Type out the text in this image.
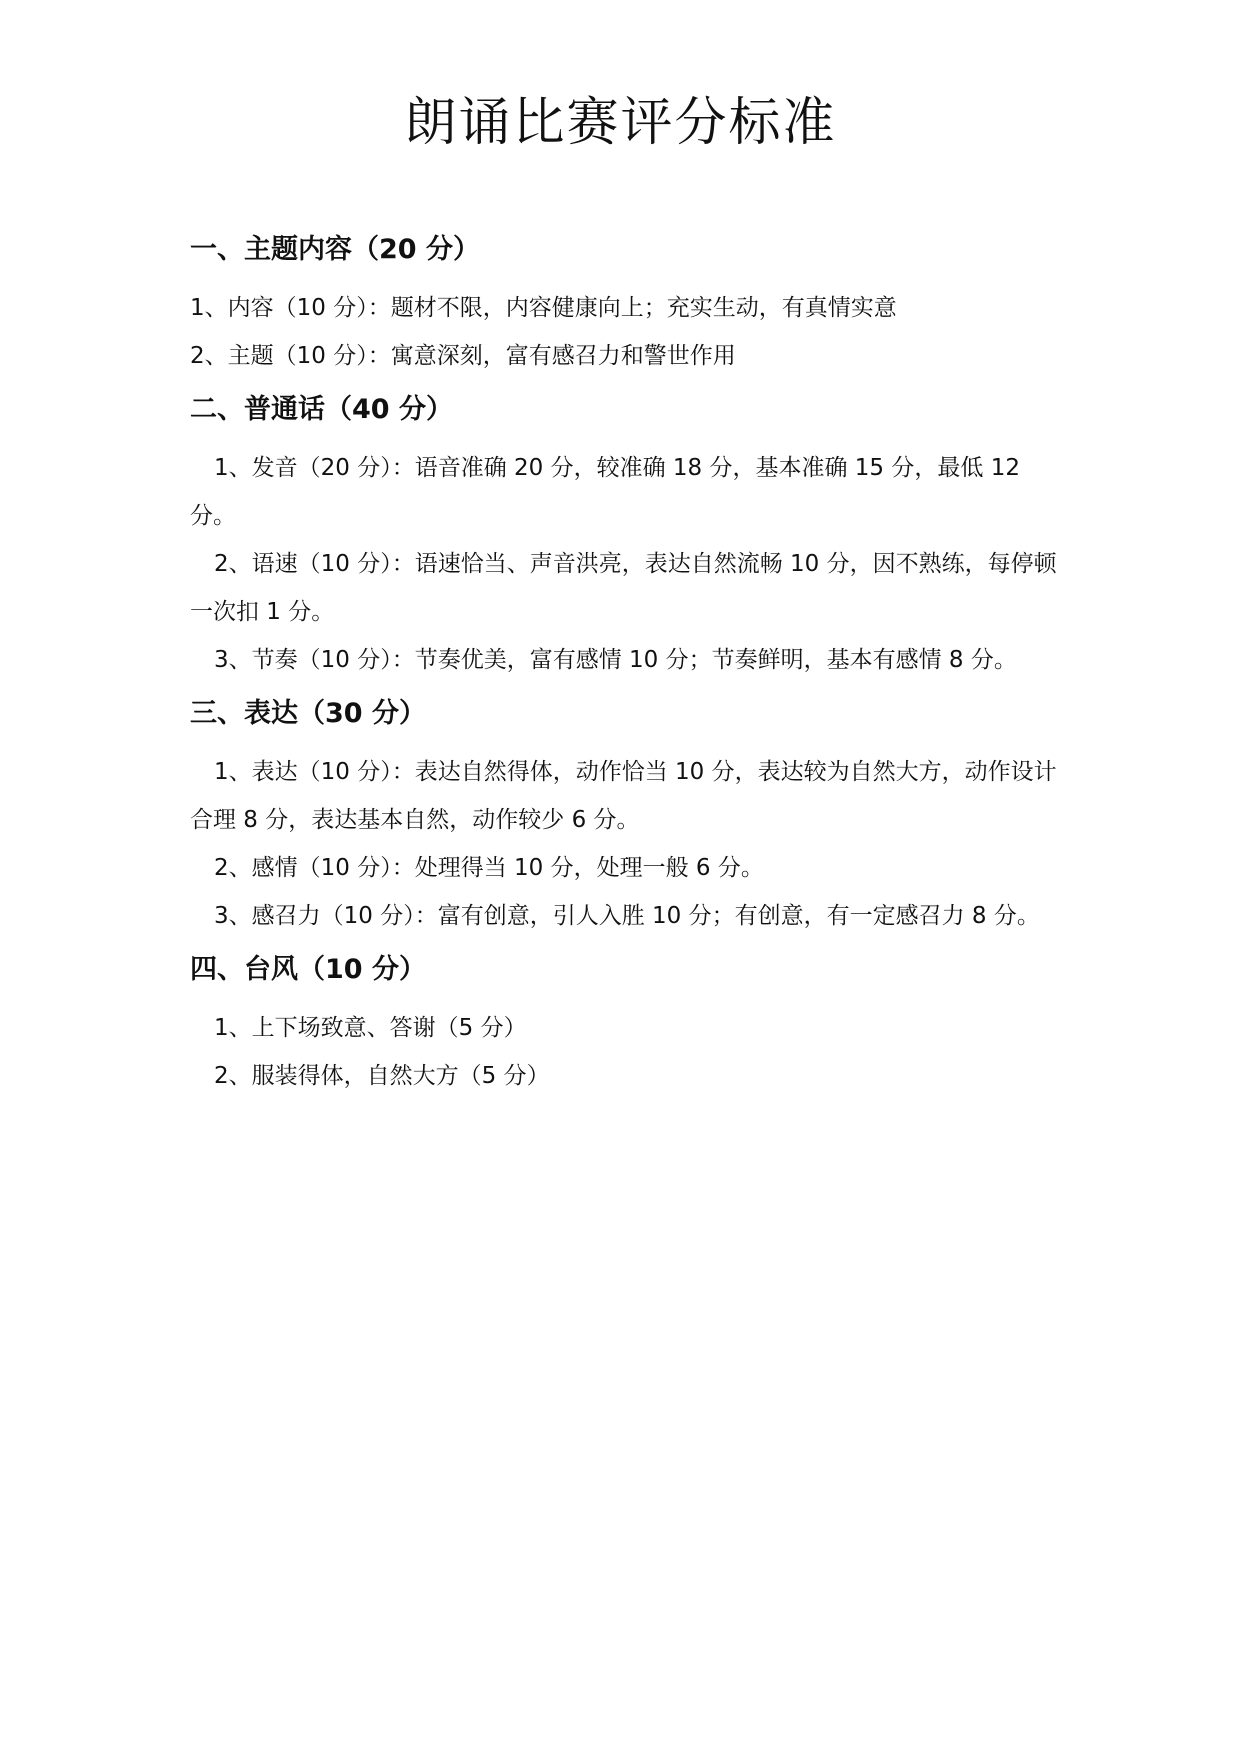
朗诵比赛评分标准
一、主题内容（20 分）

1、内容（10 分）：题材不限，内容健康向上；充实生动，有真情实意

2、主题（10 分）：寓意深刻，富有感召力和警世作用

二、普通话（40 分）

1、发音（20 分）：语音准确 20 分，较准确 18 分，基本准确 15 分，最低 12 分。

2、语速（10 分）：语速恰当、声音洪亮，表达自然流畅 10 分，因不熟练，每停顿一次扣 1 分。

3、节奏（10 分）：节奏优美，富有感情 10 分；节奏鲜明，基本有感情 8 分。

三、表达（30 分）

1、表达（10 分）：表达自然得体，动作恰当 10 分，表达较为自然大方，动作设计合理 8 分，表达基本自然，动作较少 6 分。

2、感情（10 分）：处理得当 10 分，处理一般 6 分。

3、感召力（10 分）：富有创意，引人入胜 10 分；有创意，有一定感召力 8 分。

四、台风（10 分）

1、上下场致意、答谢（5 分）

2、服装得体，自然大方（5 分）
